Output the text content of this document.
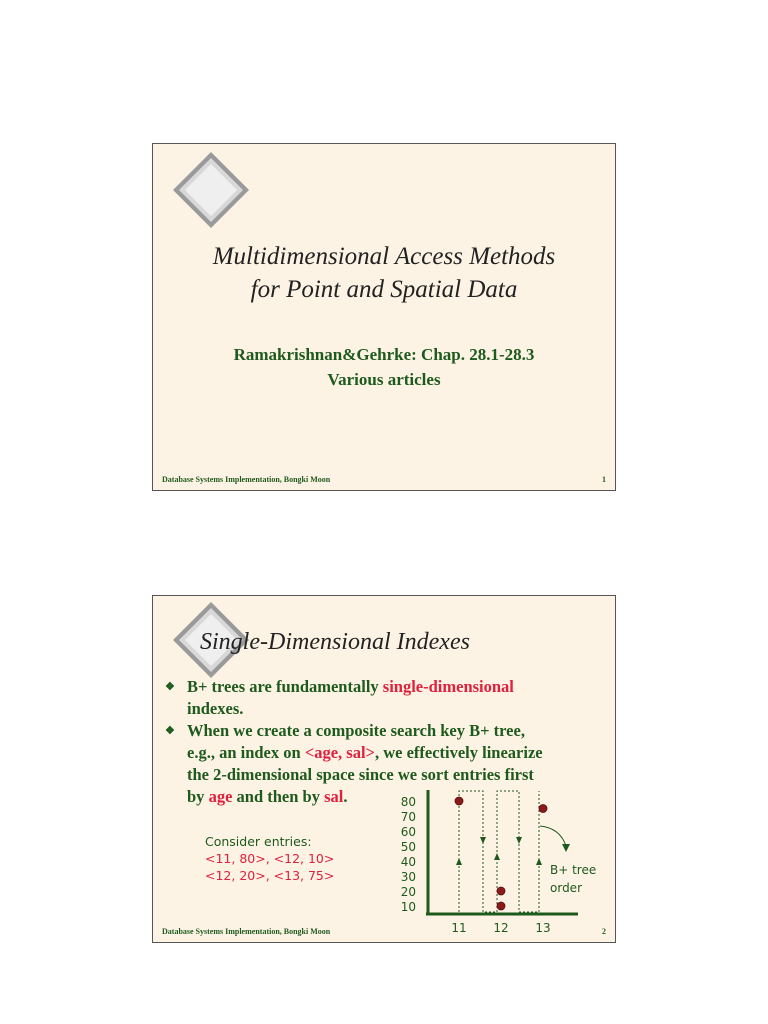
Multidimensional Access Methods
for Point and Spatial Data
Ramakrishnan&Gehrke: Chap. 28.1-28.3
Various articles
Database Systems Implementation, Bongki Moon	1
Single-Dimensional Indexes
❖ B+ trees are fundamentally single-dimensional
indexes.
❖ When we create a composite search key B+ tree,
e.g., an index on <age, sal>, we effectively linearize
the 2-dimensional space since we sort entries first
by age and then by sal.
Consider entries:
<11, 80>, <12, 10>
<12, 20>, <13, 75>
80
70
60
50
40
30
20
10
11 12 13
B+ tree
order
Database Systems Implementation, Bongki Moon	2
